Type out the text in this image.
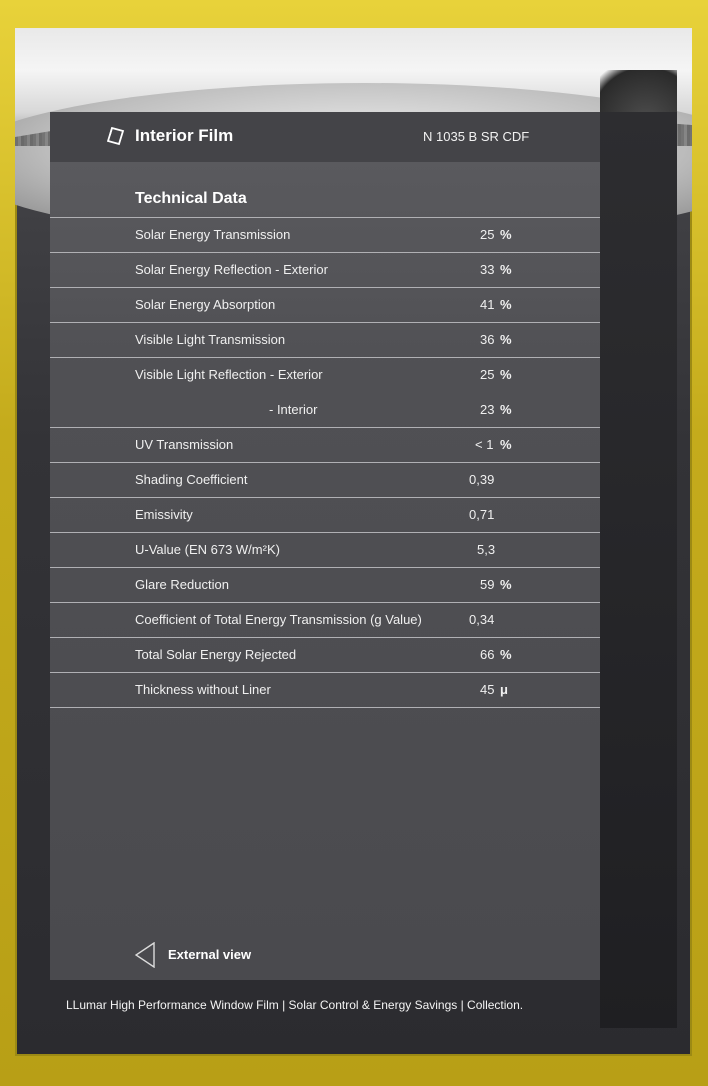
Interior Film	N 1035 B SR CDF
Technical Data
Solar Energy Transmission	25 %
Solar Energy Reflection - Exterior	33 %
Solar Energy Absorption	41 %
Visible Light Transmission	36 %
Visible Light Reflection - Exterior	25 %
- Interior	23 %
UV Transmission	< 1 %
Shading Coefficient	0,39
Emissivity	0,71
U-Value (EN 673 W/m²K)	5,3
Glare Reduction	59 %
Coefficient of Total Energy Transmission (g Value)	0,34
Total Solar Energy Rejected	66 %
Thickness without Liner	45 μ
External view
LLumar High Performance Window Film | Solar Control & Energy Savings | Collection.
